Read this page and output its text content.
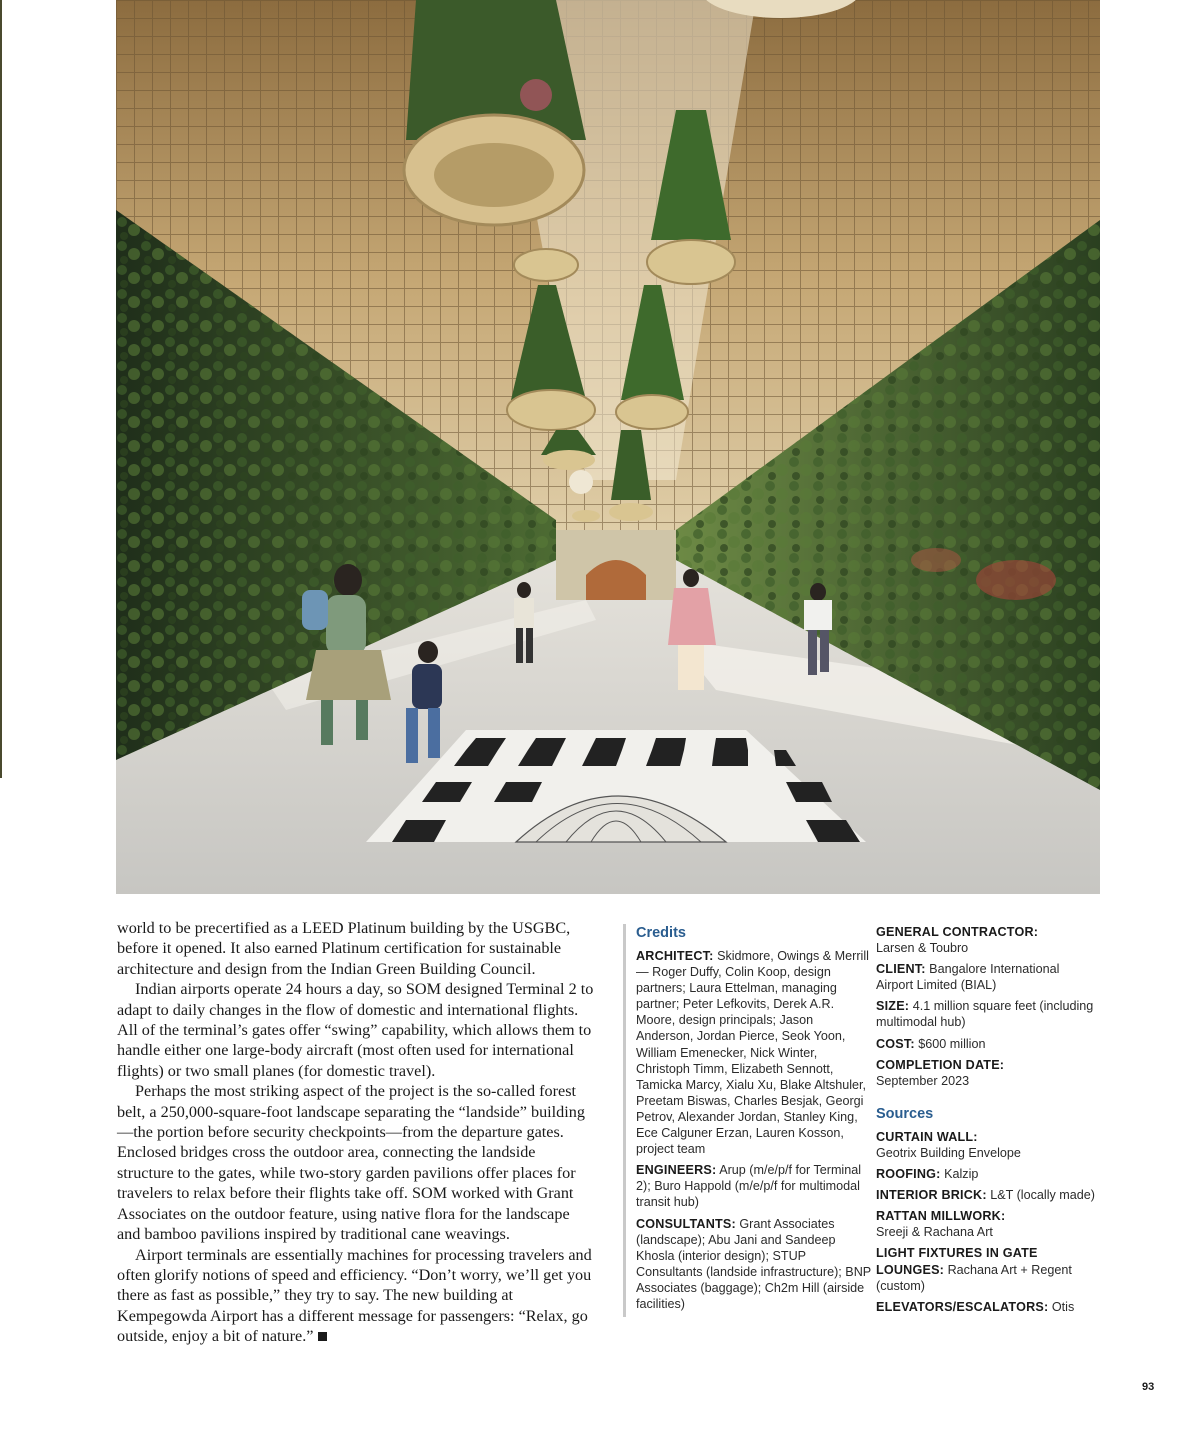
world to be precertified as a LEED Platinum building by the USGBC, before it opened. It also earned Platinum certification for sustainable architecture and design from the Indian Green Building Council.

Indian airports operate 24 hours a day, so SOM designed Terminal 2 to adapt to daily changes in the flow of domestic and international flights. All of the terminal’s gates offer “swing” capability, which allows them to handle either one large-body aircraft (most often used for international flights) or two small planes (for domestic travel).

Perhaps the most striking aspect of the project is the so-called forest belt, a 250,000-square-foot landscape separating the “landside” building—the portion before security checkpoints—from the departure gates. Enclosed bridges cross the outdoor area, connecting the landside structure to the gates, while two-story garden pavilions offer places for travelers to relax before their flights take off. SOM worked with Grant Associates on the outdoor feature, using native flora for the landscape and bamboo pavilions inspired by traditional cane weavings.

Airport terminals are essentially machines for processing travelers and often glorify notions of speed and efficiency. “Don’t worry, we’ll get you there as fast as possible,” they try to say. The new building at Kempegowda Airport has a different message for passengers: “Relax, go outside, enjoy a bit of nature.”

Credits
ARCHITECT: Skidmore, Owings & Merrill — Roger Duffy, Colin Koop, design partners; Laura Ettelman, managing partner; Peter Lefkovits, Derek A.R. Moore, design principals; Jason Anderson, Jordan Pierce, Seok Yoon, William Emenecker, Nick Winter, Christoph Timm, Elizabeth Sennott, Tamicka Marcy, Xialu Xu, Blake Altshuler, Preetam Biswas, Charles Besjak, Georgi Petrov, Alexander Jordan, Stanley King, Ece Calguner Erzan, Lauren Kosson, project team
ENGINEERS: Arup (m/e/p/f for Terminal 2); Buro Happold (m/e/p/f for multimodal transit hub)
CONSULTANTS: Grant Associates (landscape); Abu Jani and Sandeep Khosla (interior design); STUP Consultants (landside infrastructure); BNP Associates (baggage); Ch2m Hill (airside facilities)
GENERAL CONTRACTOR:
Larsen & Toubro
CLIENT: Bangalore International Airport Limited (BIAL)
SIZE: 4.1 million square feet (including multimodal hub)
COST: $600 million
COMPLETION DATE:
September 2023
Sources
CURTAIN WALL:
Geotrix Building Envelope
ROOFING: Kalzip
INTERIOR BRICK: L&T (locally made)
RATTAN MILLWORK:
Sreeji & Rachana Art
LIGHT FIXTURES IN GATE LOUNGES: Rachana Art + Regent (custom)
ELEVATORS/ESCALATORS: Otis
93
